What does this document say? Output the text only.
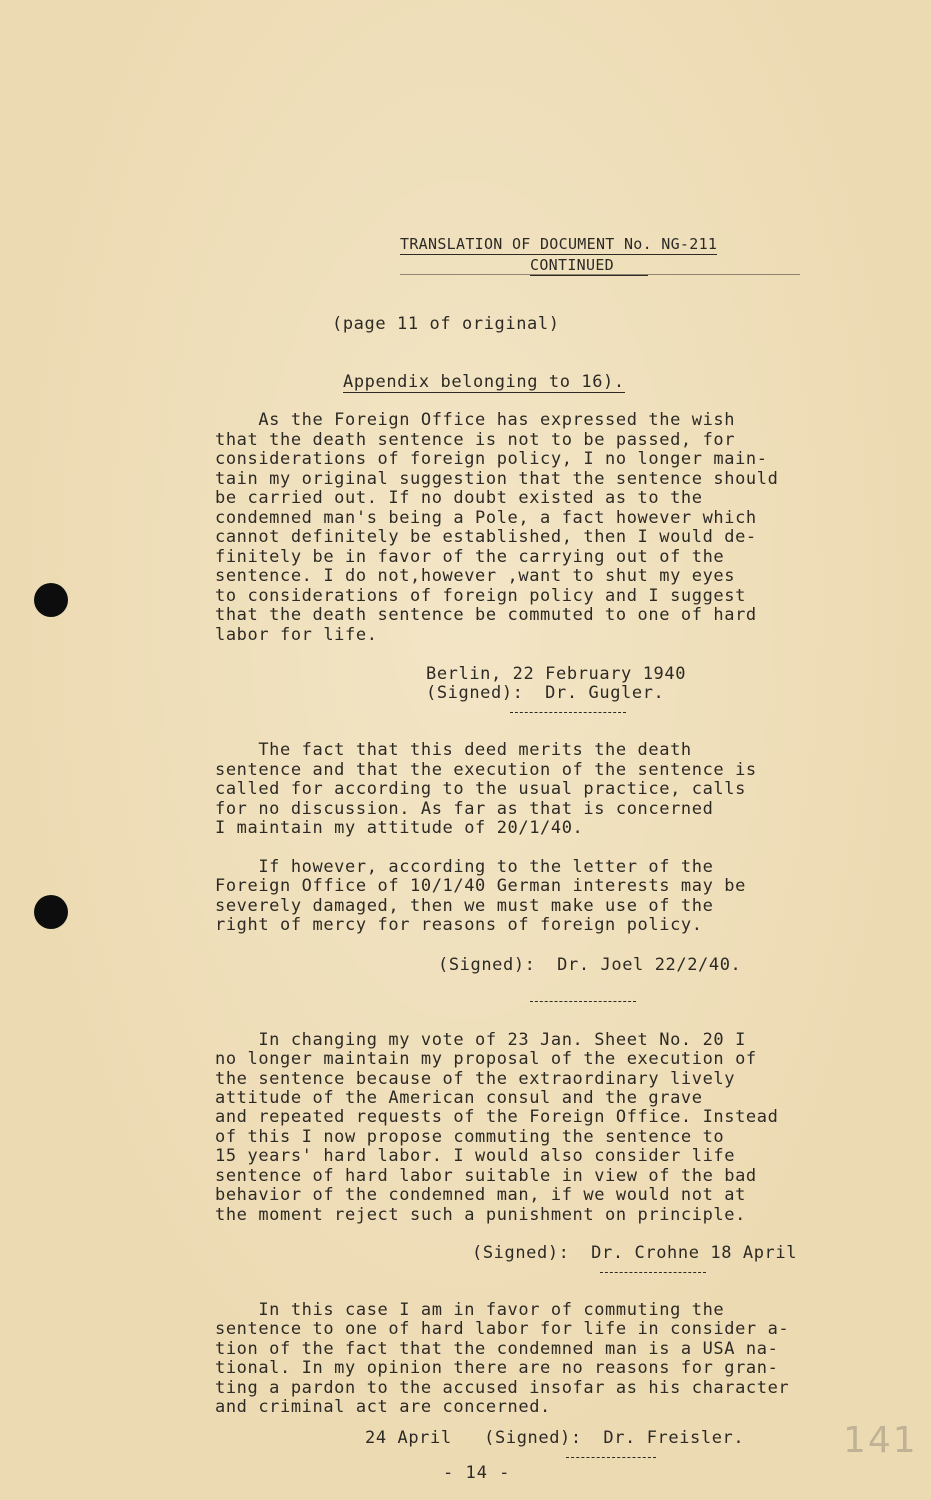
TRANSLATION OF DOCUMENT No. NG-211
CONTINUED
(page 11 of original)
Appendix belonging to 16).
As the Foreign Office has expressed the wish
that the death sentence is not to be passed, for
considerations of foreign policy, I no longer main-
tain my original suggestion that the sentence should
be carried out. If no doubt existed as to the
condemned man's being a Pole, a fact however which
cannot definitely be established, then I would de-
finitely be in favor of the carrying out of the
sentence. I do not,however ,want to shut my eyes
to considerations of foreign policy and I suggest
that the death sentence be commuted to one of hard
labor for life.
Berlin, 22 February 1940
(Signed):  Dr. Gugler.
The fact that this deed merits the death
sentence and that the execution of the sentence is
called for according to the usual practice, calls
for no discussion. As far as that is concerned
I maintain my attitude of 20/1/40.
If however, according to the letter of the
Foreign Office of 10/1/40 German interests may be
severely damaged, then we must make use of the
right of mercy for reasons of foreign policy.
(Signed):  Dr. Joel 22/2/40.
In changing my vote of 23 Jan. Sheet No. 20 I
no longer maintain my proposal of the execution of
the sentence because of the extraordinary lively
attitude of the American consul and the grave
and repeated requests of the Foreign Office. Instead
of this I now propose commuting the sentence to
15 years' hard labor. I would also consider life
sentence of hard labor suitable in view of the bad
behavior of the condemned man, if we would not at
the moment reject such a punishment on principle.
(Signed):  Dr. Crohne 18 April
In this case I am in favor of commuting the
sentence to one of hard labor for life in consider a-
tion of the fact that the condemned man is a USA na-
tional. In my opinion there are no reasons for gran-
ting a pardon to the accused insofar as his character
and criminal act are concerned.
24 April   (Signed):  Dr. Freisler.
- 14 -
141
